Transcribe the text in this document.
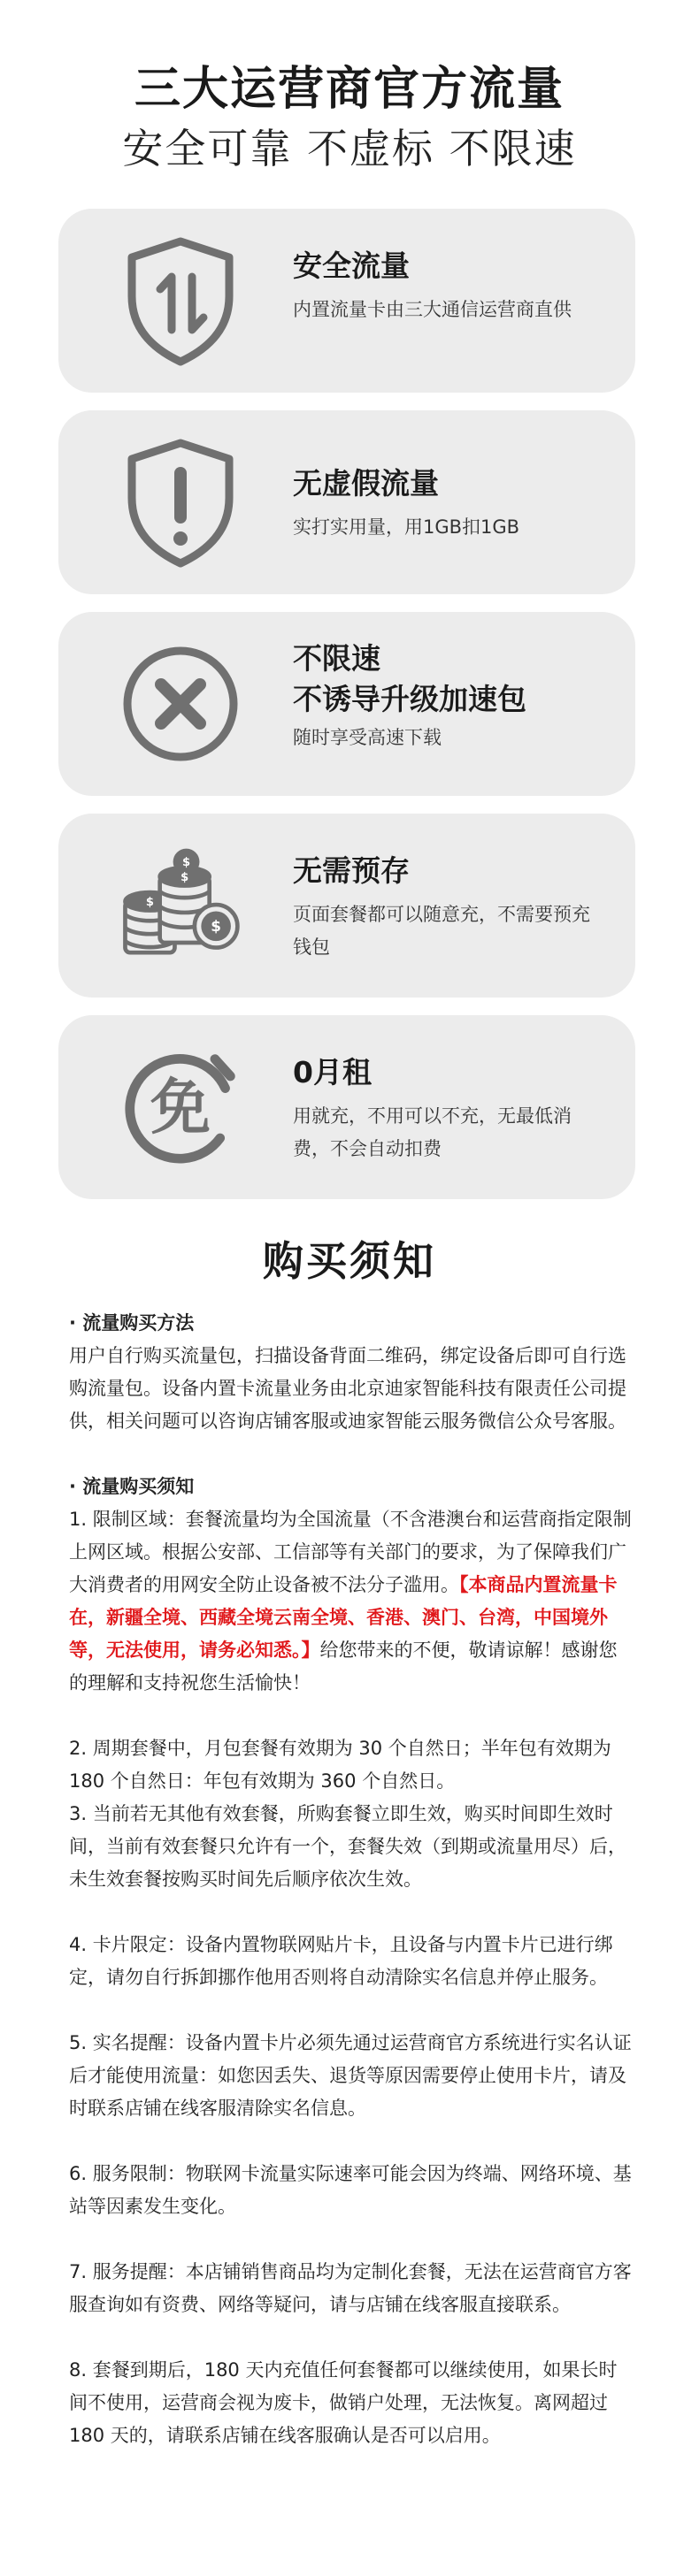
三大运营商官方流量
安全可靠 不虚标 不限速
安全流量
内置流量卡由三大通信运营商直供
无虚假流量
实打实用量，用1GB扣1GB
不限速
不诱导升级加速包
随时享受高速下载
$
$
$
$
无需预存
页面套餐都可以随意充，不需要预充钱包
免
0月租
用就充，不用可以不充，无最低消费，不会自动扣费
购买须知

· 流量购买方法

用户自行购买流量包，扫描设备背面二维码，绑定设备后即可自行选购流量包。设备内置卡流量业务由北京迪家智能科技有限责任公司提供，相关问题可以咨询店铺客服或迪家智能云服务微信公众号客服。

· 流量购买须知

1. 限制区域：套餐流量均为全国流量（不含港澳台和运营商指定限制上网区域。根据公安部、工信部等有关部门的要求，为了保障我们广大消费者的用网安全防止设备被不法分子滥用。【本商品内置流量卡在，新疆全境、西藏全境云南全境、香港、澳门、台湾，中国境外等，无法使用，请务必知悉。】给您带来的不便，敬请谅解！感谢您的理解和支持祝您生活愉快！

2. 周期套餐中，月包套餐有效期为 30 个自然日；半年包有效期为 180 个自然日：年包有效期为 360 个自然日。

3. 当前若无其他有效套餐，所购套餐立即生效，购买时间即生效时间，当前有效套餐只允许有一个，套餐失效（到期或流量用尽）后，未生效套餐按购买时间先后顺序依次生效。

4. 卡片限定：设备内置物联网贴片卡，且设备与内置卡片已进行绑定，请勿自行拆卸挪作他用否则将自动清除实名信息并停止服务。

5. 实名提醒：设备内置卡片必须先通过运营商官方系统进行实名认证后才能使用流量：如您因丢失、退货等原因需要停止使用卡片，请及时联系店铺在线客服清除实名信息。

6. 服务限制：物联网卡流量实际速率可能会因为终端、网络环境、基站等因素发生变化。

7. 服务提醒：本店铺销售商品均为定制化套餐，无法在运营商官方客服查询如有资费、网络等疑问，请与店铺在线客服直接联系。

8. 套餐到期后，180 天内充值任何套餐都可以继续使用，如果长时间不使用，运营商会视为废卡，做销户处理，无法恢复。离网超过 180 天的，请联系店铺在线客服确认是否可以启用。
